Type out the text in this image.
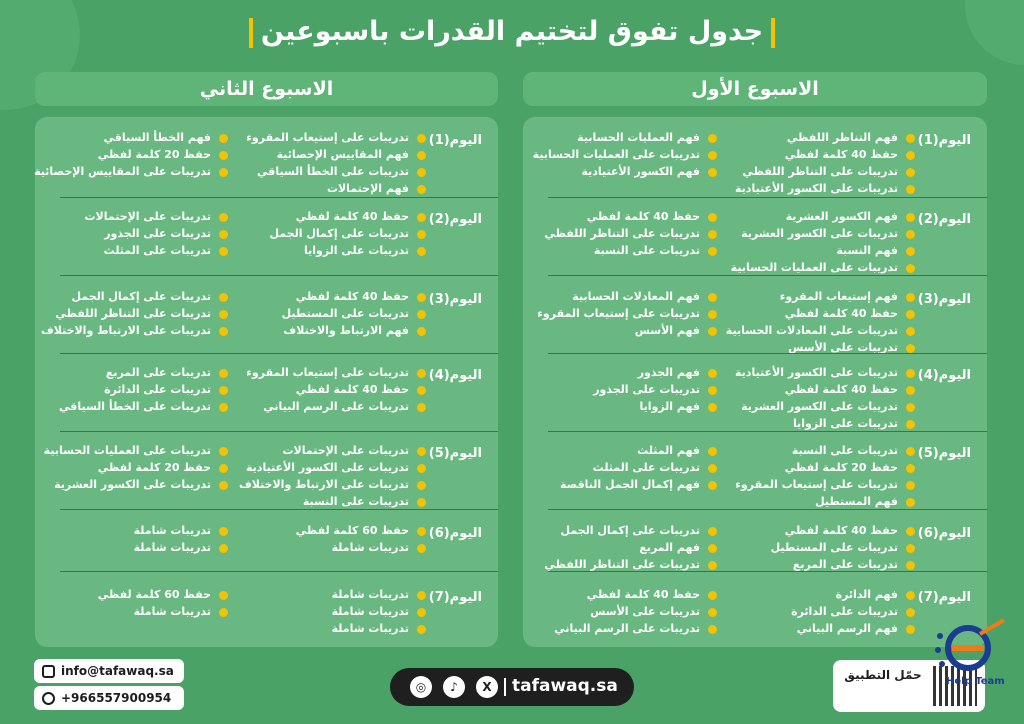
جدول تفوق لتختيم القدرات باسبوعين
الاسبوع الأول
الاسبوع الثاني
اليوم(1)
فهم التناظر اللفظي
حفظ 40 كلمة لفظي
تدريبات على التناظر اللفظي
تدريبات على الكسور الأعتيادية
فهم العمليات الحسابية
تدريبات على العمليات الحسابية
فهم الكسور الأعتيادية
اليوم(2)
فهم الكسور العشرية
تدريبات على الكسور العشرية
فهم النسبة
تدريبات على العمليات الحسابية
حفظ 40 كلمة لفظي
تدريبات على التناظر اللفظي
تدريبات على النسبة
اليوم(3)
فهم إستيعاب المقروء
حفظ 40 كلمة لفظي
تدريبات على المعادلات الحسابية
تدريبات على الأسس
فهم المعادلات الحسابية
تدريبات على إستيعاب المقروء
فهم الأسس
اليوم(4)
تدريبات على الكسور الأعتيادية
حفظ 40 كلمة لفظي
تدريبات على الكسور العشرية
تدريبات على الزوايا
فهم الجذور
تدريبات على الجذور
فهم الزوايا
اليوم(5)
تدريبات على النسبة
حفظ 20 كلمة لفظي
تدريبات على إستيعاب المقروء
فهم المستطيل
فهم المثلث
تدريبات على المثلث
فهم إكمال الجمل الناقصة
اليوم(6)
حفظ 40 كلمة لفظي
تدريبات على المستطيل
تدريبات على المربع
تدريبات على إكمال الجمل
فهم المربع
تدريبات على التناظر اللفظي
اليوم(7)
فهم الدائرة
تدريبات على الدائرة
فهم الرسم البياني
حفظ 40 كلمة لفظي
تدريبات على الأسس
تدريبات على الرسم البياني
اليوم(1)
تدريبات على إستيعاب المقروء
فهم المقاييس الإحصائية
تدريبات على الخطأ السياقي
فهم الإحتمالات
فهم الخطأ السياقي
حفظ 20 كلمة لفظي
تدريبات على المقاييس الإحصائية
اليوم(2)
حفظ 40 كلمة لفظي
تدريبات على إكمال الجمل
تدريبات على الزوايا
تدريبات على الإحتمالات
تدريبات على الجذور
تدريبات على المثلث
اليوم(3)
حفظ 40 كلمة لفظي
تدريبات على المستطيل
فهم الارتباط والاختلاف
تدريبات على إكمال الجمل
تدريبات على التناظر اللفظي
تدريبات على الارتباط والاختلاف
اليوم(4)
تدريبات على إستيعاب المقروء
حفظ 40 كلمة لفظي
تدريبات على الرسم البياني
تدريبات على المربع
تدريبات على الدائرة
تدريبات على الخطأ السياقي
اليوم(5)
تدريبات على الإحتمالات
تدريبات على الكسور الأعتيادية
تدريبات على الارتباط والاختلاف
تدريبات على النسبة
تدريبات على العمليات الحسابية
حفظ 20 كلمة لفظي
تدريبات على الكسور العشرية
اليوم(6)
حفظ 60 كلمة لفظي
تدريبات شاملة
تدريبات شاملة
تدريبات شاملة
اليوم(7)
تدريبات شاملة
تدريبات شاملة
تدريبات شاملة
حفظ 60 كلمة لفظي
تدريبات شاملة
info@tafawaq.sa
+966557900954
◎	♪	X	tafawaq.sa
حمّل التطبيق Help Team
